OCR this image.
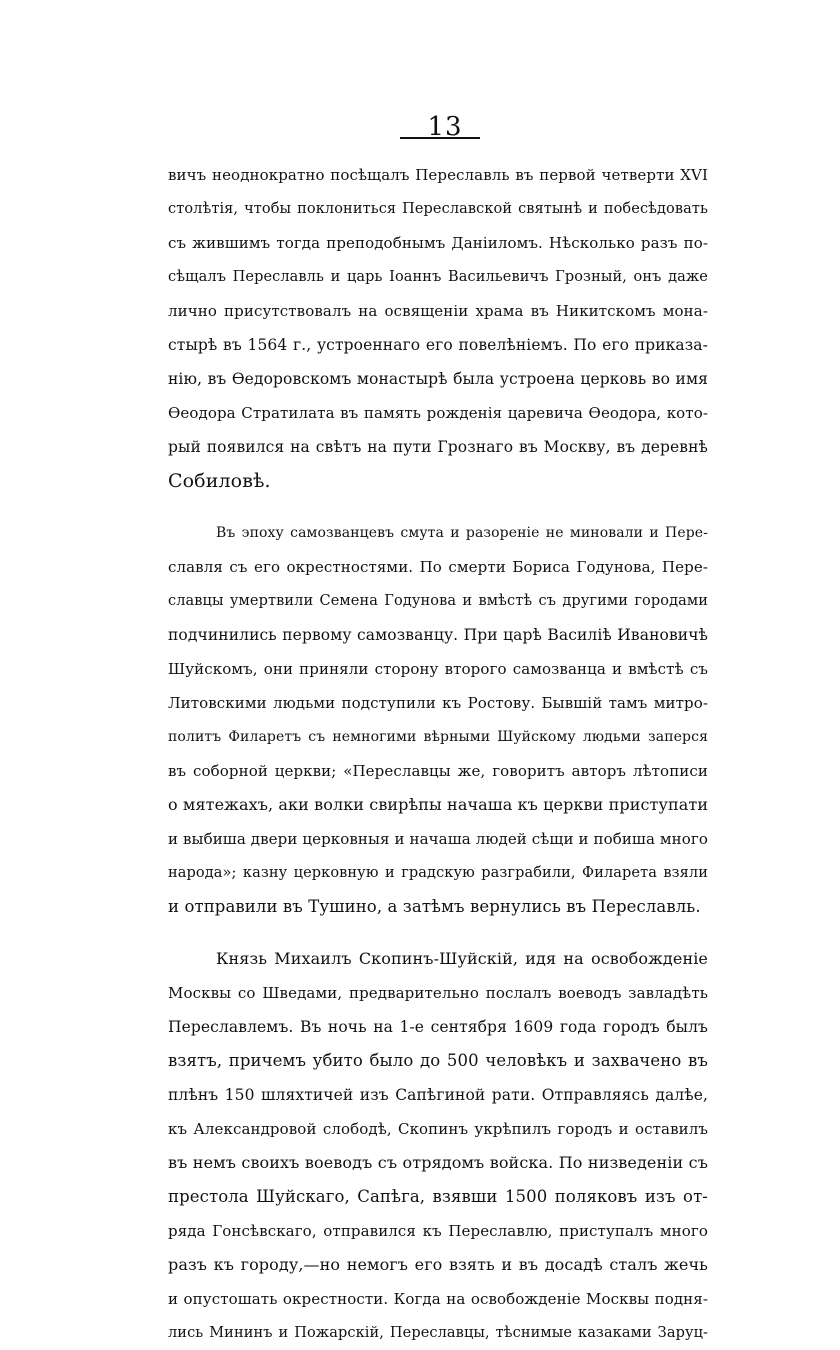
13
вичъ неоднократно посѣщалъ Переславль въ первой четверти XVI
столѣтія, чтобы поклониться Переславской святынѣ и побесѣдовать
съ жившимъ тогда преподобнымъ Даніиломъ. Нѣсколько разъ по-
сѣщалъ Переславль и царь Іоаннъ Васильевичъ Грозный, онъ даже
лично присутствовалъ на освященіи храма въ Никитскомъ мона-
стырѣ въ 1564 г., устроеннаго его повелѣніемъ. По его приказа-
нію, въ Ѳедоровскомъ монастырѣ была устроена церковь во имя
Ѳеодора Стратилата въ память рожденія царевича Ѳеодора, кото-
рый появился на свѣтъ на пути Грознаго въ Москву, въ деревнѣ
Собиловѣ.
Въ эпоху самозванцевъ смута и разореніе не миновали и Пере-
славля съ его окрестностями. По смерти Бориса Годунова, Пере-
славцы умертвили Семена Годунова и вмѣстѣ съ другими городами
подчинились первому самозванцу. При царѣ Василіѣ Ивановичѣ
Шуйскомъ, они приняли сторону второго самозванца и вмѣстѣ съ
Литовскими людьми подступили къ Ростову. Бывшій тамъ митро-
политъ Филаретъ съ немногими вѣрными Шуйскому людьми заперся
въ соборной церкви; «Переславцы же, говоритъ авторъ лѣтописи
о мятежахъ, аки волки свирѣпы начаша къ церкви приступати
и выбиша двери церковныя и начаша людей сѣщи и побиша много
народа»; казну церковную и градскую разграбили, Филарета взяли
и отправили въ Тушино, а затѣмъ вернулись въ Переславль.
Князь Михаилъ Скопинъ-Шуйскій, идя на освобожденіе
Москвы со Шведами, предварительно послалъ воеводъ завладѣть
Переславлемъ. Въ ночь на 1-е сентября 1609 года городъ былъ
взятъ, причемъ убито было до 500 человѣкъ и захвачено въ
плѣнъ 150 шляхтичей изъ Сапѣгиной рати. Отправляясь далѣе,
къ Александровой слободѣ, Скопинъ укрѣпилъ городъ и оставилъ
въ немъ своихъ воеводъ съ отрядомъ войска. По низведеніи съ
престола Шуйскаго, Сапѣга, взявши 1500 поляковъ изъ от-
ряда Гонсѣвскаго, отправился къ Переславлю, приступалъ много
разъ къ городу,—но немогъ его взять и въ досадѣ сталъ жечь
и опустошать окрестности. Когда на освобожденіе Москвы подня-
лись Mининъ и Пожарскій, Переславцы, тѣснимые казаками Заруц-
